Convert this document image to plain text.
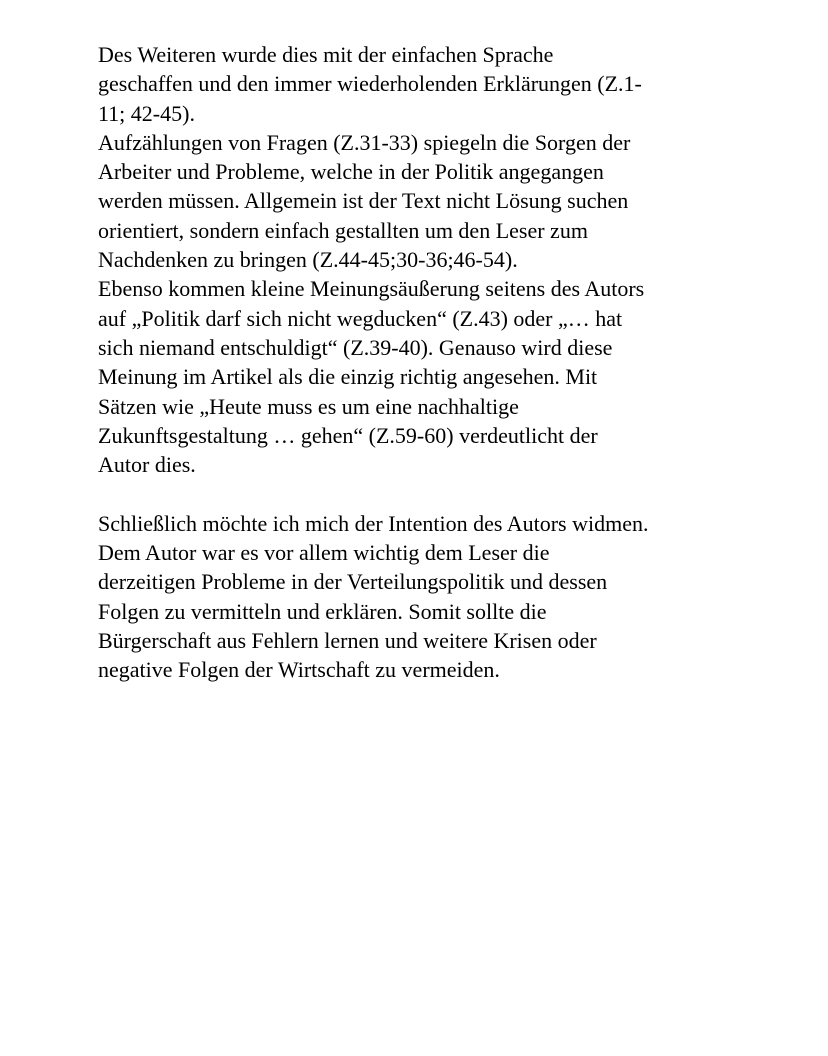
Des Weiteren wurde dies mit der einfachen Sprache
geschaffen und den immer wiederholenden Erklärungen (Z.1-
11; 42-45).
Aufzählungen von Fragen (Z.31-33) spiegeln die Sorgen der
Arbeiter und Probleme, welche in der Politik angegangen
werden müssen. Allgemein ist der Text nicht Lösung suchen
orientiert, sondern einfach gestallten um den Leser zum
Nachdenken zu bringen (Z.44-45;30-36;46-54).
Ebenso kommen kleine Meinungsäußerung seitens des Autors
auf „Politik darf sich nicht wegducken“ (Z.43) oder „… hat
sich niemand entschuldigt“ (Z.39-40). Genauso wird diese
Meinung im Artikel als die einzig richtig angesehen. Mit
Sätzen wie „Heute muss es um eine nachhaltige
Zukunftsgestaltung … gehen“ (Z.59-60) verdeutlicht der
Autor dies.
Schließlich möchte ich mich der Intention des Autors widmen.
Dem Autor war es vor allem wichtig dem Leser die
derzeitigen Probleme in der Verteilungspolitik und dessen
Folgen zu vermitteln und erklären. Somit sollte die
Bürgerschaft aus Fehlern lernen und weitere Krisen oder
negative Folgen der Wirtschaft zu vermeiden.
